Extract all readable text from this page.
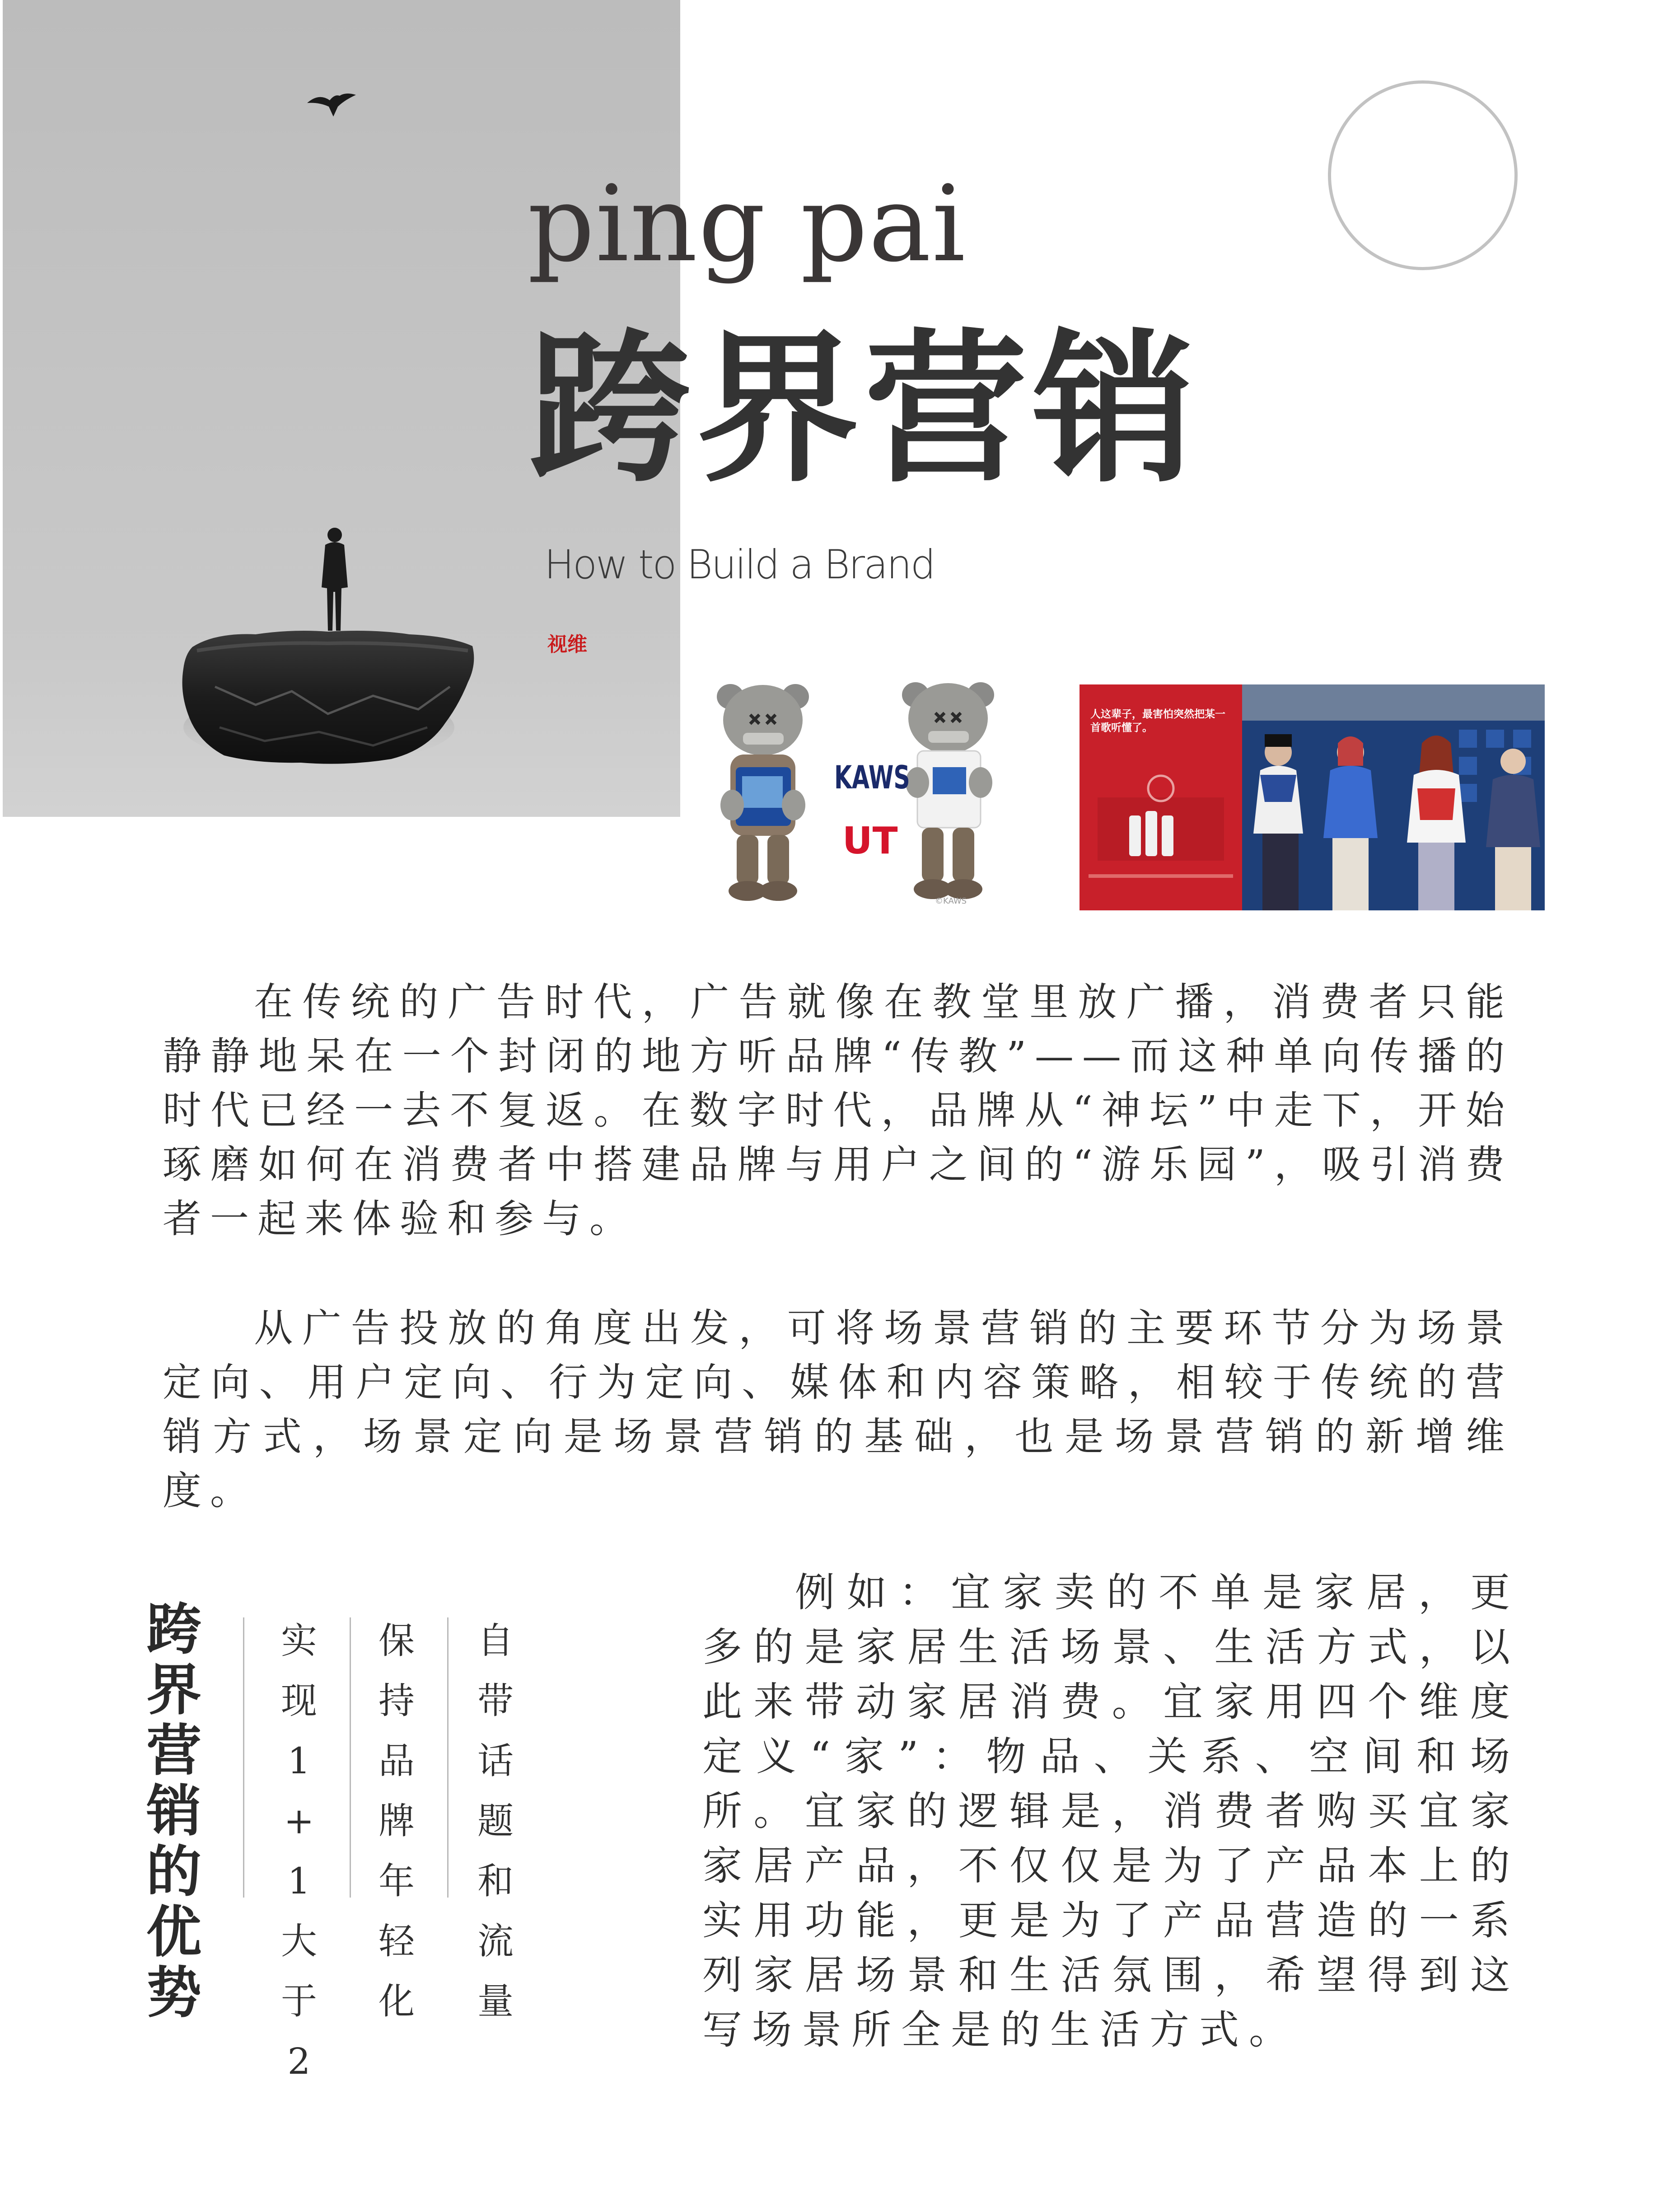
ping pai
跨界营销
How to Build a Brand
视维
KAWS
UT
©KAWS
人这辈子，最害怕突然把某一首歌听懂了。
在传统的广告时代，广告就像在教堂里放广播，消费者只能静静地呆在一个封闭的地方听品牌“传教”——而这种单向传播的时代已经一去不复返。在数字时代，品牌从“神坛”中走下，开始琢磨如何在消费者中搭建品牌与用户之间的“游乐园”，吸引消费者一起来体验和参与。
从广告投放的角度出发，可将场景营销的主要环节分为场景定向、用户定向、行为定向、媒体和内容策略，相较于传统的营销方式，场景定向是场景营销的基础，也是场景营销的新增维度。
跨
界
营
销
的
优
势
实
现
1
+
1
大
于
2
保
持
品
牌
年
轻
化
自
带
话
题
和
流
量
例如：宜家卖的不单是家居，更多的是家居生活场景、生活方式，以此来带动家居消费。宜家用四个维度定义“家”：物品、关系、空间和场所。宜家的逻辑是，消费者购买宜家家居产品，不仅仅是为了产品本上的实用功能，更是为了产品营造的一系列家居场景和生活氛围，希望得到这写场景所全是的生活方式。
